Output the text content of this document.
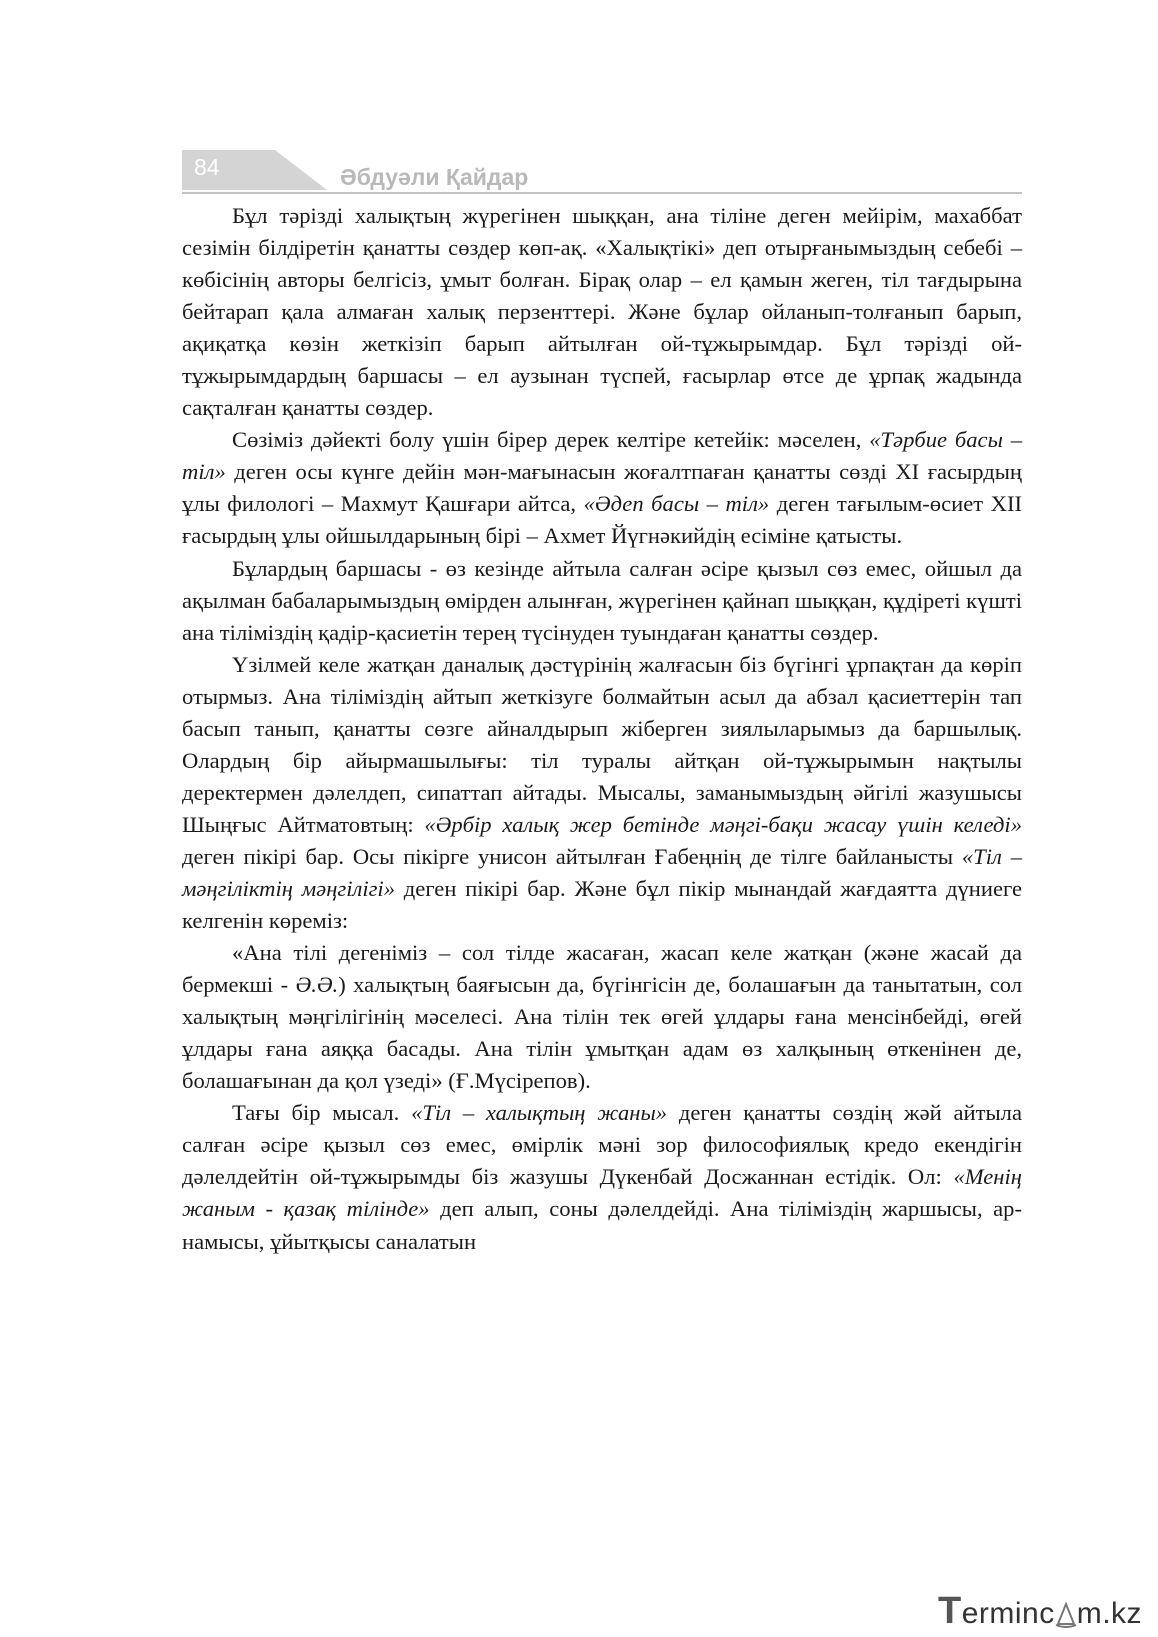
84	Әбдуәли Қайдар

Бұл тәрізді халықтың жүрегінен шыққан, ана тіліне деген мейірім, махаббат сезімін білдіретін қанатты сөздер көп-ақ. «Халықтікі» деп отырғанымыздың себебі – көбісінің авторы белгісіз, ұмыт болған. Бірақ олар – ел қамын жеген, тіл тағдырына бейтарап қала алмаған халық перзенттері. Және бұлар ойланып-толғанып барып, ақиқатқа көзін жеткізіп барып айтылған ой-тұжырымдар. Бұл тәрізді ой-тұжырымдардың баршасы – ел аузынан түспей, ғасырлар өтсе де ұрпақ жадында сақталған қанатты сөздер.

Сөзіміз дәйекті болу үшін бірер дерек келтіре кетейік: мәселен, «Тәрбие басы – тіл» деген осы күнге дейін мән-мағынасын жоғалтпаған қанатты сөзді XI ғасырдың ұлы филологі – Махмут Қашғари айтса, «Әдеп басы – тіл» деген тағылым-өсиет XII ғасырдың ұлы ойшылдарының бірі – Ахмет Йүгнәкийдің есіміне қатысты.

Бұлардың баршасы - өз кезінде айтыла салған әсіре қызыл сөз емес, ойшыл да ақылман бабаларымыздың өмірден алынған, жүрегінен қайнап шыққан, құдіреті күшті ана тіліміздің қадір-қасиетін терең түсінуден туындаған қанатты сөздер.

Үзілмей келе жатқан даналық дәстүрінің жалғасын біз бүгінгі ұрпақтан да көріп отырмыз. Ана тіліміздің айтып жеткізуге болмайтын асыл да абзал қасиеттерін тап басып танып, қанатты сөзге айналдырып жіберген зиялыларымыз да баршылық. Олардың бір айырмашылығы: тіл туралы айтқан ой-тұжырымын нақтылы деректермен дәлелдеп, сипаттап айтады. Мысалы, заманымыздың әйгілі жазушысы Шыңғыс Айтматовтың: «Әрбір халық жер бетінде мәңгі-бақи жасау үшін келеді» деген пікірі бар. Осы пікірге унисон айтылған Ғабеңнің де тілге байланысты «Тіл – мәңгіліктің мәңгілігі» деген пікірі бар. Және бұл пікір мынандай жағдаятта дүниеге келгенін көреміз:

«Ана тілі дегеніміз – сол тілде жасаған, жасап келе жатқан (және жасай да бермекші - Ә.Ә.) халықтың баяғысын да, бүгінгісін де, болашағын да танытатын, сол халықтың мәңгілігінің мәселесі. Ана тілін тек өгей ұлдары ғана менсінбейді, өгей ұлдары ғана аяққа басады. Ана тілін ұмытқан адам өз халқының өткенінен де, болашағынан да қол үзеді» (Ғ.Мүсірепов).

Тағы бір мысал. «Тіл – халықтың жаны» деген қанатты сөздің жәй айтыла салған әсіре қызыл сөз емес, өмірлік мәні зор философиялық кредо екендігін дәлелдейтін ой-тұжырымды біз жазушы Дүкенбай Досжаннан естідік. Ол: «Менің жаным - қазақ тілінде» деп алып, соны дәлелдейді. Ана тіліміздің жаршысы, ар-намысы, ұйытқысы саналатын

Terminc m.kz
